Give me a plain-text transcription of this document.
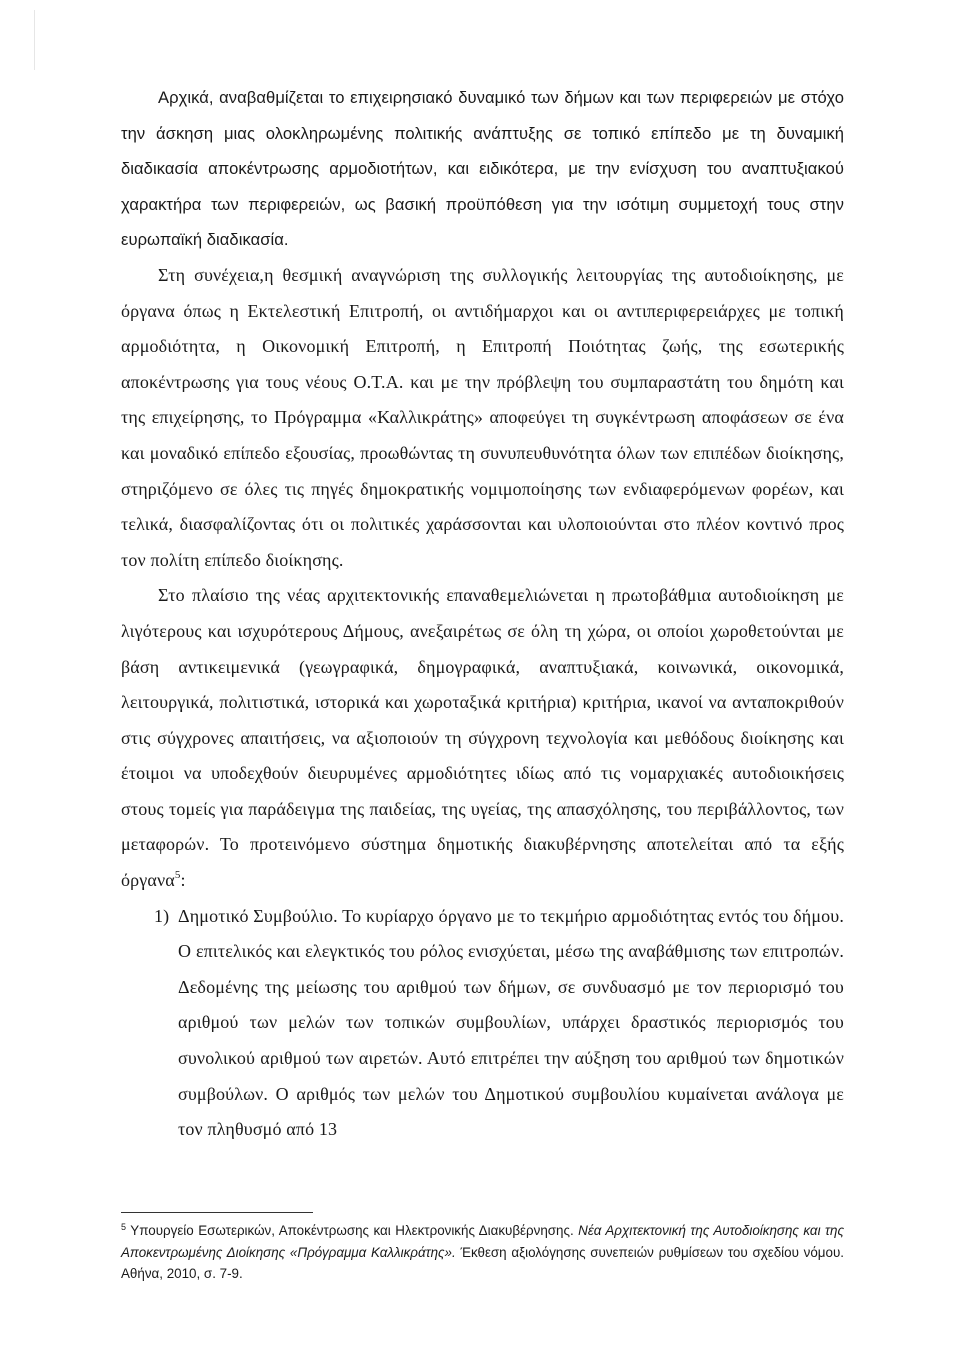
Αρχικά, αναβαθμίζεται το επιχειρησιακό δυναμικό των δήμων και των περιφερειών με στόχο την άσκηση μιας ολοκληρωμένης πολιτικής ανάπτυξης σε τοπικό επίπεδο με τη δυναμική διαδικασία αποκέντρωσης αρμοδιοτήτων, και ειδικότερα, με την ενίσχυση του αναπτυξιακού χαρακτήρα των περιφερειών, ως βασική προϋπόθεση για την ισότιμη συμμετοχή τους στην ευρωπαϊκή διαδικασία.

Στη συνέχεια,η θεσμική αναγνώριση της συλλογικής λειτουργίας της αυτοδιοίκησης, με όργανα όπως η Εκτελεστική Επιτροπή, οι αντιδήμαρχοι και οι αντιπεριφερειάρχες με τοπική αρμοδιότητα, η Οικονομική Επιτροπή, η Επιτροπή Ποιότητας ζωής, της εσωτερικής αποκέντρωσης για τους νέους Ο.Τ.Α. και με την πρόβλεψη του συμπαραστάτη του δημότη και της επιχείρησης, το Πρόγραμμα «Καλλικράτης» αποφεύγει τη συγκέντρωση αποφάσεων σε ένα και μοναδικό επίπεδο εξουσίας, προωθώντας τη συνυπευθυνότητα όλων των επιπέδων διοίκησης, στηριζόμενο σε όλες τις πηγές δημοκρατικής νομιμοποίησης των ενδιαφερόμενων φορέων, και τελικά, διασφαλίζοντας ότι οι πολιτικές χαράσσονται και υλοποιούνται στο πλέον κοντινό προς τον πολίτη επίπεδο διοίκησης.

Στο πλαίσιο της νέας αρχιτεκτονικής επαναθεμελιώνεται η πρωτοβάθμια αυτοδιοίκηση με λιγότερους και ισχυρότερους Δήμους, ανεξαιρέτως σε όλη τη χώρα, οι οποίοι χωροθετούνται με βάση αντικειμενικά (γεωγραφικά, δημογραφικά, αναπτυξιακά, κοινωνικά, οικονομικά, λειτουργικά, πολιτιστικά, ιστορικά και χωροταξικά κριτήρια) κριτήρια, ικανοί να ανταποκριθούν στις σύγχρονες απαιτήσεις, να αξιοποιούν τη σύγχρονη τεχνολογία και μεθόδους διοίκησης και έτοιμοι να υποδεχθούν διευρυμένες αρμοδιότητες ιδίως από τις νομαρχιακές αυτοδιοικήσεις στους τομείς για παράδειγμα της παιδείας, της υγείας, της απασχόλησης, του περιβάλλοντος, των μεταφορών. Το προτεινόμενο σύστημα δημοτικής διακυβέρνησης αποτελείται από τα εξής όργανα$^5$:

1) Δημοτικό Συμβούλιο. Το κυρίαρχο όργανο με το τεκμήριο αρμοδιότητας εντός του δήμου. Ο επιτελικός και ελεγκτικός του ρόλος ενισχύεται, μέσω της αναβάθμισης των επιτροπών. Δεδομένης της μείωσης του αριθμού των δήμων, σε συνδυασμό με τον περιορισμό του αριθμού των μελών των τοπικών συμβουλίων, υπάρχει δραστικός περιορισμός του συνολικού αριθμού των αιρετών. Αυτό επιτρέπει την αύξηση του αριθμού των δημοτικών συμβούλων. Ο αριθμός των μελών του Δημοτικού συμβουλίου κυμαίνεται ανάλογα με τον πληθυσμό από 13
$^5$ Υπουργείο Εσωτερικών, Αποκέντρωσης και Ηλεκτρονικής Διακυβέρνησης. Νέα Αρχιτεκτονική της Αυτοδιοίκησης και της Αποκεντρωμένης Διοίκησης «Πρόγραμμα Καλλικράτης». Έκθεση αξιολόγησης συνεπειών ρυθμίσεων του σχεδίου νόμου. Αθήνα, 2010, σ. 7-9.
